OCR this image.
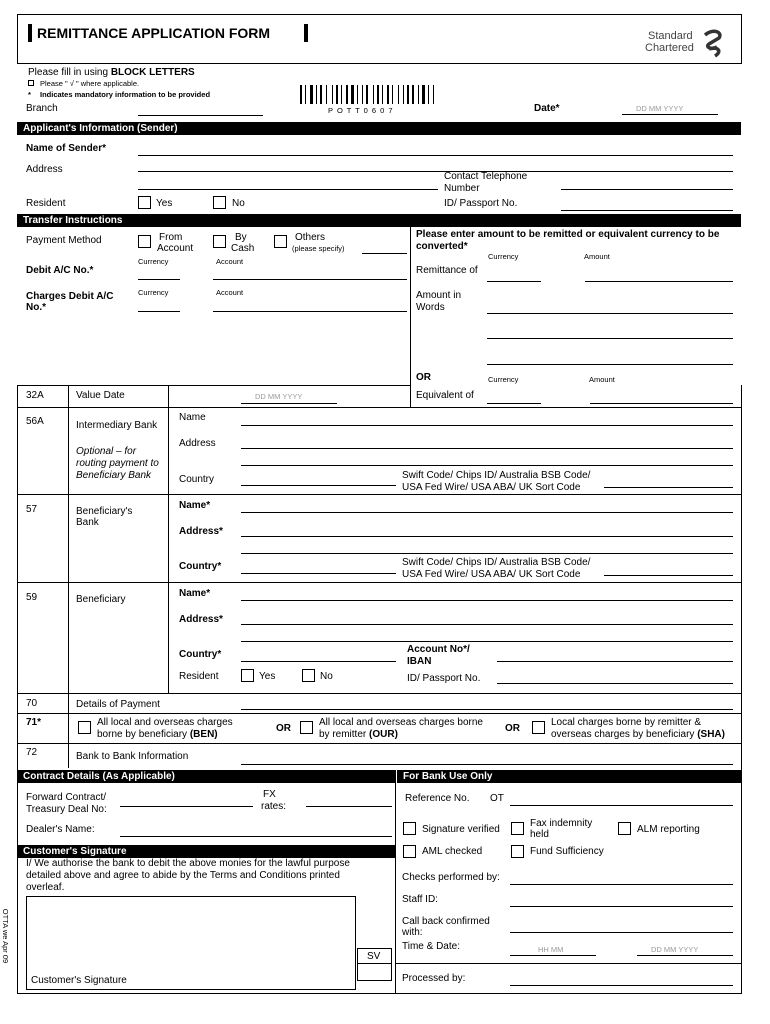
REMITTANCE APPLICATION FORM	Standard
Chartered
Please fill in using BLOCK LETTERS
Please " √ " where applicable.
* Indicates mandatory information to be provided
Branch	P O T T 0 6 0 7	Date*	DD MM YYYY
Applicant's Information (Sender)
Name of Sender*
Address
Contact Telephone
Number
Resident	Yes	No	ID/ Passport No.
Transfer Instructions
Payment Method	From
Account
By
Cash
Others
(please specify)
Currency	Account
Debit A/C No.*
Currency	Account
Charges Debit A/C
No.*
Please enter amount to be remitted or equivalent currency to be converted*
Currency	Amount
Remittance of
Amount in
Words
OR	Currency	Amount
Equivalent of
32A	Value Date	DD MM YYYY
56A	Intermediary Bank
Optional – for routing payment to Beneficiary Bank
Name
Address
Country	Swift Code/ Chips ID/ Australia BSB Code/
USA Fed Wire/ USA ABA/ UK Sort Code
57	Beneficiary's
Bank
Name*
Address*
Country*	Swift Code/ Chips ID/ Australia BSB Code/
USA Fed Wire/ USA ABA/ UK Sort Code
59	Beneficiary
Name*
Address*
Country*	Account No*/
IBAN
Resident	Yes	No	ID/ Passport No.
70	Details of Payment
71*	All local and overseas charges
borne by beneficiary (BEN)
OR
All local and overseas charges borne
by remitter (OUR)
OR
Local charges borne by remitter &
overseas charges by beneficiary (SHA)
72	Bank to Bank Information
Contract Details (As Applicable)
Forward Contract/
Treasury Deal No:
FX
rates:
Dealer's Name:
Customer's Signature
I/ We authorise the bank to debit the above monies for the lawful purpose detailed above and agree to abide by the Terms and Conditions printed overleaf.
Customer's Signature
SV
OTTA we Apr 09
For Bank Use Only
Reference No. OT
Signature verified
Fax indemnity
held	ALM reporting
AML checked	Fund Sufficiency
Checks performed by:
Staff ID:
Call back confirmed
with:
Time & Date:	HH MM	DD MM YYYY
Processed by:
